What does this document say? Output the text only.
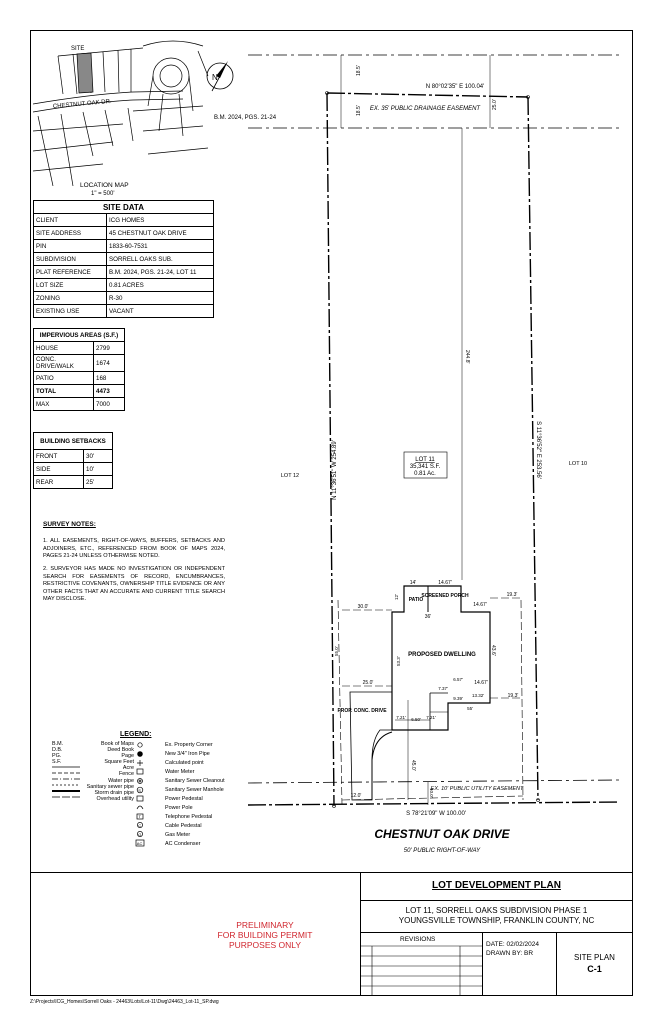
SITE
CHESTNUT OAK DR.
LOCATION MAP
1" = 500'
N
B.M. 2024, PGS. 21-24
SITE DATA	
CLIENT	ICG HOMES
SITE ADDRESS	45 CHESTNUT OAK DRIVE
PIN	1833-60-7531
SUBDIVISION	SORRELL OAKS SUB.
PLAT REFERENCE	B.M. 2024, PGS. 21-24, LOT 11
LOT SIZE	0.81 ACRES
ZONING	R-30
EXISTING USE	VACANT
IMPERVIOUS AREAS (S.F.)	
HOUSE	2799
CONC. DRIVE/WALK	1674
PATIO	168
TOTAL	4473
MAX	7000
BUILDING SETBACKS	
FRONT	30'
SIDE	10'
REAR	25'
SURVEY NOTES:
1. ALL EASEMENTS, RIGHT-OF-WAYS, BUFFERS, SETBACKS AND ADJOINERS, ETC., REFERENCED FROM BOOK OF MAPS 2024, PAGES 21-24 UNLESS OTHERWISE NOTED.
2. SURVEYOR HAS MADE NO INVESTIGATION OR INDEPENDENT SEARCH FOR EASEMENTS OF RECORD, ENCUMBRANCES, RESTRICTIVE COVENANTS, OWNERSHIP TITLE EVIDENCE OR ANY OTHER FACTS THAT AN ACCURATE AND CURRENT TITLE SEARCH MAY DISCLOSE.
LEGEND:
B.M.	Book of Maps
D.B.	Deed Book
PG.	Page
S.F.	Square Feet
Acre
Fence
Water pipe
Sanitary sewer pipe
Storm drain pipe
Overhead utility
S
T
C
G
AC
Ex. Property Corner
New 3/4" Iron Pipe
Calculated point
Water Meter
Sanitary Sewer Cleanout
Sanitary Sewer Manhole
Power Pedestal
Power Pole
Telephone Pedestal
Cable Pedestal
Gas Meter
AC Condenser
N 80°02'35" E 100.04'
EX. 35' PUBLIC DRAINAGE EASEMENT
18.5'
18.5'
25.0'
244.8'
N 11°36'51" W 254.89'	S 11°36'52" E 253.56'
LOT 11
35,341 S.F.
0.81 Ac.
LOT 12
LOT 10
PATIO
SCREENED PORCH
PROPOSED DWELLING
PROP. CONC. DRIVE
14'	14.67'
12'	19.3'
30.0'
36'
14.67'
43.6'
25.0'
53.3'
55.0'
14.67'
6.57'
7.37'
13.32'	19.3'
9.39'
55'
7.21' 6.50' 7.21'
45.0'
10.0'
EX. 10' PUBLIC UTILITY EASEMENT
12.0'
S 78°21'09" W 100.00'
CHESTNUT OAK DRIVE
50' PUBLIC RIGHT-OF-WAY
PRELIMINARY
FOR BUILDING PERMIT
PURPOSES ONLY
LOT DEVELOPMENT PLAN
LOT 11, SORRELL OAKS SUBDIVISION PHASE 1
YOUNGSVILLE TOWNSHIP, FRANKLIN COUNTY, NC
REVISIONS
DATE: 02/02/2024
DRAWN BY: BR	SITE PLAN
C-1
Z:\Projects\ICG_Homes\Sorrell Oaks - 24463\Lots\Lot-11\Dwg\24463_Lot-11_SP.dwg
